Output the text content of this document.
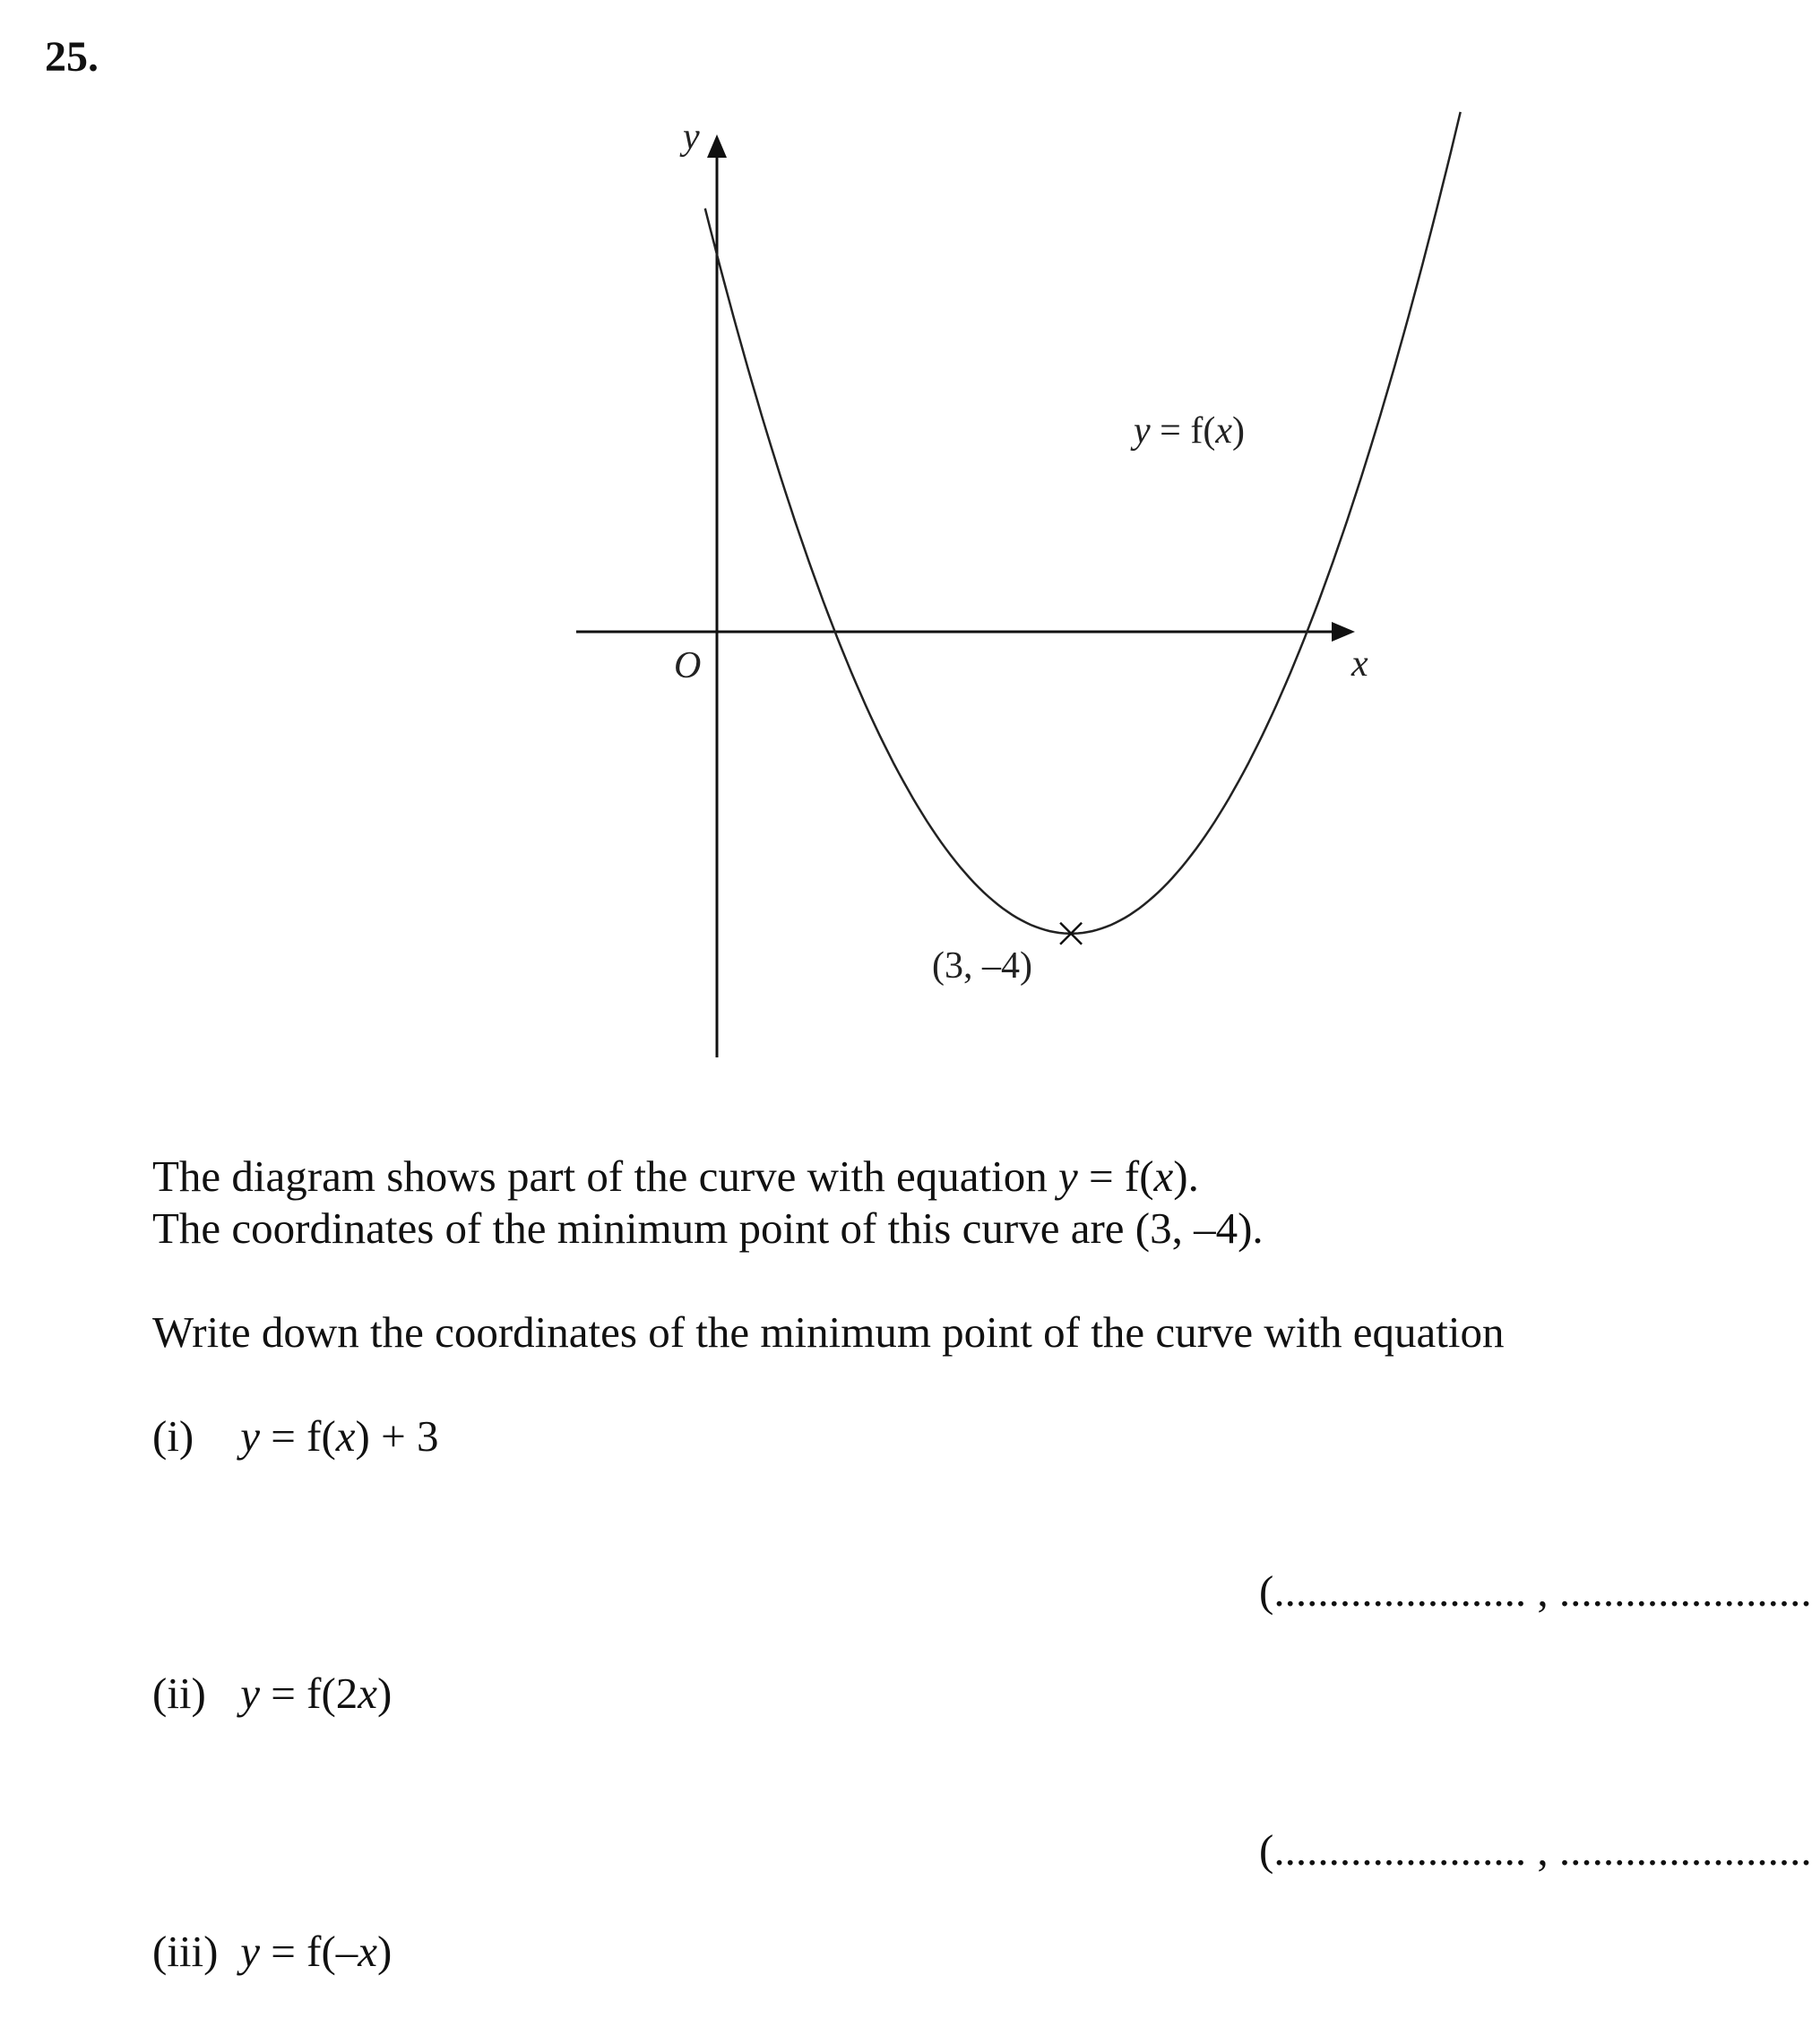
25.
y
x
O
y = f(x)
(3, –4)
The diagram shows part of the curve with equation y = f(x).
The coordinates of the minimum point of this curve are (3, –4).
Write down the coordinates of the minimum point of the curve with equation
(i) y = f(x) + 3
(....................... , .......................
(ii) y = f(2x)
(....................... , .......................
(iii) y = f(–x)
